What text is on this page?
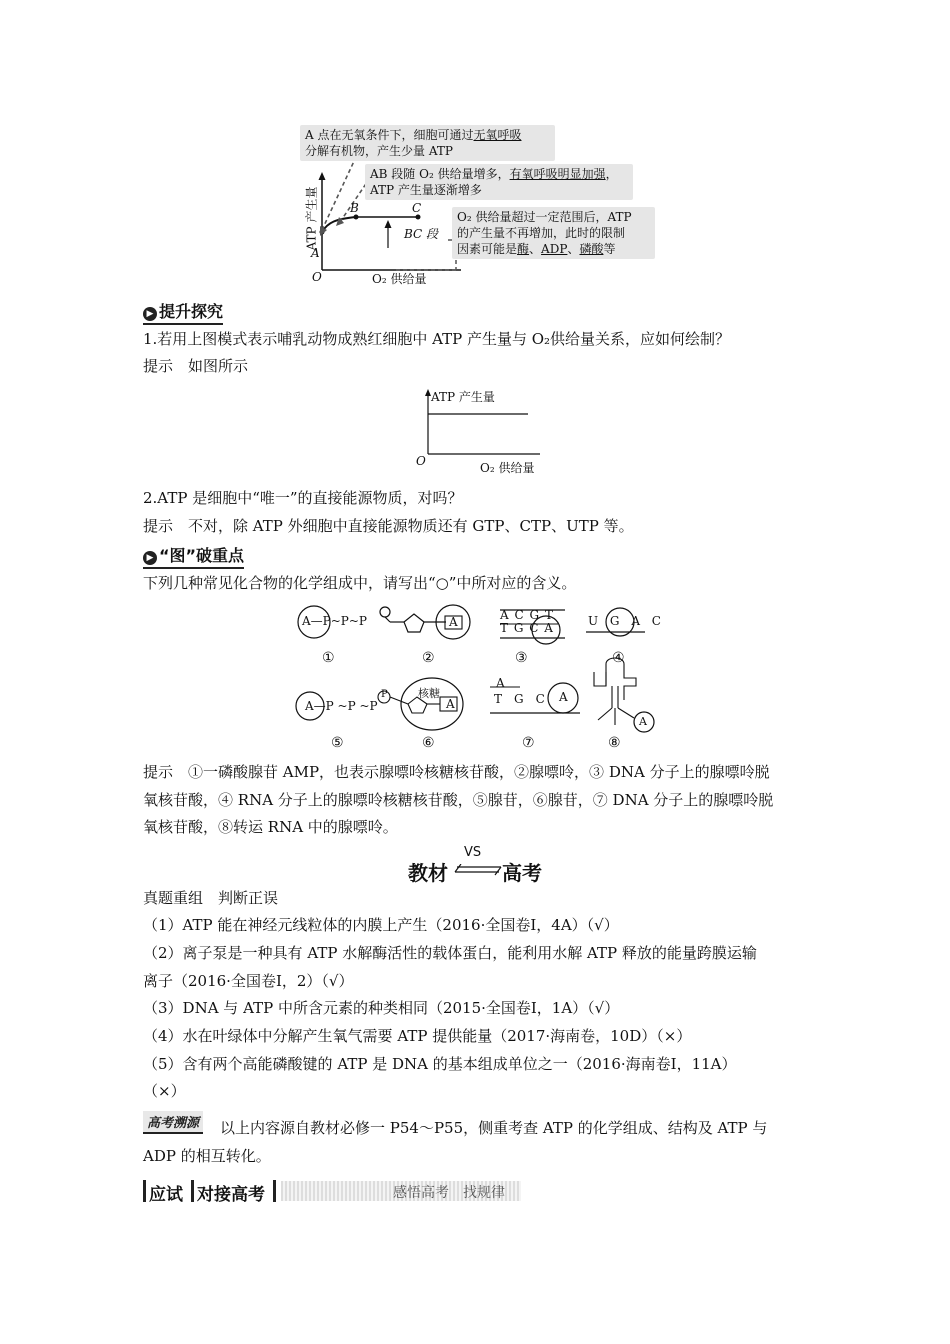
ATP 产生量
A
B	C
O
BC 段
O₂ 供给量
A 点在无氧条件下，细胞可通过无氧呼吸
分解有机物，产生少量 ATP
AB 段随 O₂ 供给量增多，有氧呼吸明显加强，
ATP 产生量逐渐增多
O₂ 供给量超过一定范围后，ATP
的产生量不再增加，此时的限制
因素可能是酶、ADP、磷酸等
▶ 提升探究
1.若用上图模式表示哺乳动物成熟红细胞中 ATP 产生量与 O₂供给量关系，应如何绘制？
提示　如图所示
ATP 产生量
O	O₂ 供给量
2.ATP 是细胞中“唯一”的直接能源物质，对吗？
提示　不对，除 ATP 外细胞中直接能源物质还有 GTP、CTP、UTP 等。
▶ “图”破重点
下列几种常见化合物的化学组成中，请写出“○”中所对应的含义。
A—P~P~P	A	A C G T
T G C A	U G A C
A—P ~P ~P
P	核糖
A
A
T　G　C A
A
①	②	③	④
⑤	⑥	⑦	⑧
提示　①一磷酸腺苷 AMP，也表示腺嘌呤核糖核苷酸，②腺嘌呤，③ DNA 分子上的腺嘌呤脱
氧核苷酸，④ RNA 分子上的腺嘌呤核糖核苷酸，⑤腺苷，⑥腺苷，⑦ DNA 分子上的腺嘌呤脱
氧核苷酸，⑧转运 RNA 中的腺嘌呤。
教材
VS
高考
真题重组　判断正误
（1）ATP 能在神经元线粒体的内膜上产生（2016·全国卷Ⅰ，4A）（√）
（2）离子泵是一种具有 ATP 水解酶活性的载体蛋白，能利用水解 ATP 释放的能量跨膜运输
离子（2016·全国卷Ⅰ，2）（√）
（3）DNA 与 ATP 中所含元素的种类相同（2015·全国卷Ⅰ，1A）（√）
（4）水在叶绿体中分解产生氧气需要 ATP 提供能量（2017·海南卷，10D）（×）
（5）含有两个高能磷酸键的 ATP 是 DNA 的基本组成单位之一（2016·海南卷Ⅰ，11A）
（×）
高考溯源 以上内容源自教材必修一 P54～P55，侧重考查 ATP 的化学组成、结构及 ATP 与
ADP 的相互转化。
应试 对接高考	感悟高考　找规律
